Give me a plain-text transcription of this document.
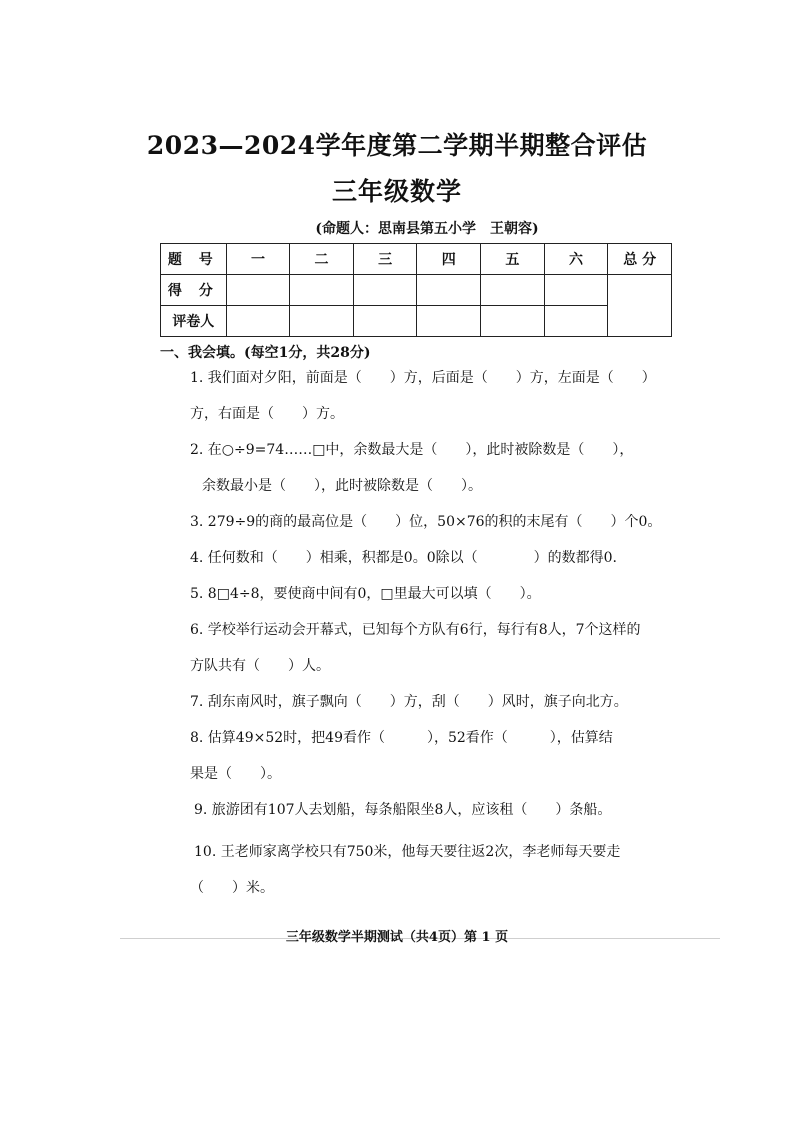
2023—2024学年度第二学期半期整合评估
三年级数学
(命题人：思南县第五小学　王朝容)
题 号	一	二	三	四	五	六	总 分
得 分							
评卷人							
一、我会填。(每空1分，共28分)
1. 我们面对夕阳，前面是（　　）方，后面是（　　）方，左面是（　　）
方，右面是（　　）方。
2. 在○÷9=74……□中，余数最大是（　　），此时被除数是（　　），
余数最小是（　　），此时被除数是（　　）。
3. 279÷9的商的最高位是（　　）位，50×76的积的末尾有（　　）个0。
4. 任何数和（　　）相乘，积都是0。0除以（　　　　）的数都得0.
5. 8□4÷8，要使商中间有0，□里最大可以填（　　）。
6. 学校举行运动会开幕式，已知每个方队有6行，每行有8人，7个这样的
方队共有（　　）人。
7. 刮东南风时，旗子飘向（　　）方，刮（　　）风时，旗子向北方。
8. 估算49×52时，把49看作（　　　），52看作（　　　），估算结
果是（　　）。
9. 旅游团有107人去划船，每条船限坐8人，应该租（　　）条船。
10. 王老师家离学校只有750米，他每天要往返2次，李老师每天要走
（　　）米。
三年级数学半期测试（共4页）第 1 页
